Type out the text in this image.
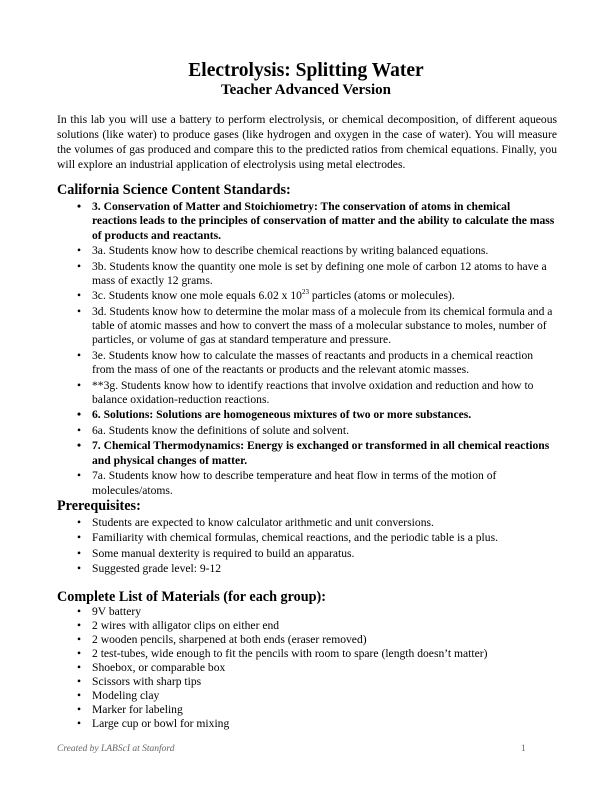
Electrolysis: Splitting Water
Teacher Advanced Version

In this lab you will use a battery to perform electrolysis, or chemical decomposition, of different aqueous solutions (like water) to produce gases (like hydrogen and oxygen in the case of water). You will measure the volumes of gas produced and compare this to the predicted ratios from chemical equations. Finally, you will explore an industrial application of electrolysis using metal electrodes.

California Science Content Standards:
• 3. Conservation of Matter and Stoichiometry: The conservation of atoms in chemical reactions leads to the principles of conservation of matter and the ability to calculate the mass of products and reactants.
• 3a. Students know how to describe chemical reactions by writing balanced equations.
• 3b. Students know the quantity one mole is set by defining one mole of carbon 12 atoms to have a mass of exactly 12 grams.
• 3c. Students know one mole equals 6.02 x $10^{23}$ particles (atoms or molecules).
• 3d. Students know how to determine the molar mass of a molecule from its chemical formula and a table of atomic masses and how to convert the mass of a molecular substance to moles, number of particles, or volume of gas at standard temperature and pressure.
• 3e. Students know how to calculate the masses of reactants and products in a chemical reaction from the mass of one of the reactants or products and the relevant atomic masses.
• **3g. Students know how to identify reactions that involve oxidation and reduction and how to balance oxidation-reduction reactions.
• 6. Solutions: Solutions are homogeneous mixtures of two or more substances.
• 6a. Students know the definitions of solute and solvent.
• 7. Chemical Thermodynamics: Energy is exchanged or transformed in all chemical reactions and physical changes of matter.
• 7a. Students know how to describe temperature and heat flow in terms of the motion of molecules/atoms.
Prerequisites:
• Students are expected to know calculator arithmetic and unit conversions.
• Familiarity with chemical formulas, chemical reactions, and the periodic table is a plus.
• Some manual dexterity is required to build an apparatus.
• Suggested grade level: 9-12
Complete List of Materials (for each group):
• 9V battery
• 2 wires with alligator clips on either end
• 2 wooden pencils, sharpened at both ends (eraser removed)
• 2 test-tubes, wide enough to fit the pencils with room to spare (length doesn’t matter)
• Shoebox, or comparable box
• Scissors with sharp tips
• Modeling clay
• Marker for labeling
• Large cup or bowl for mixing
Created by LABScI at Stanford	1
